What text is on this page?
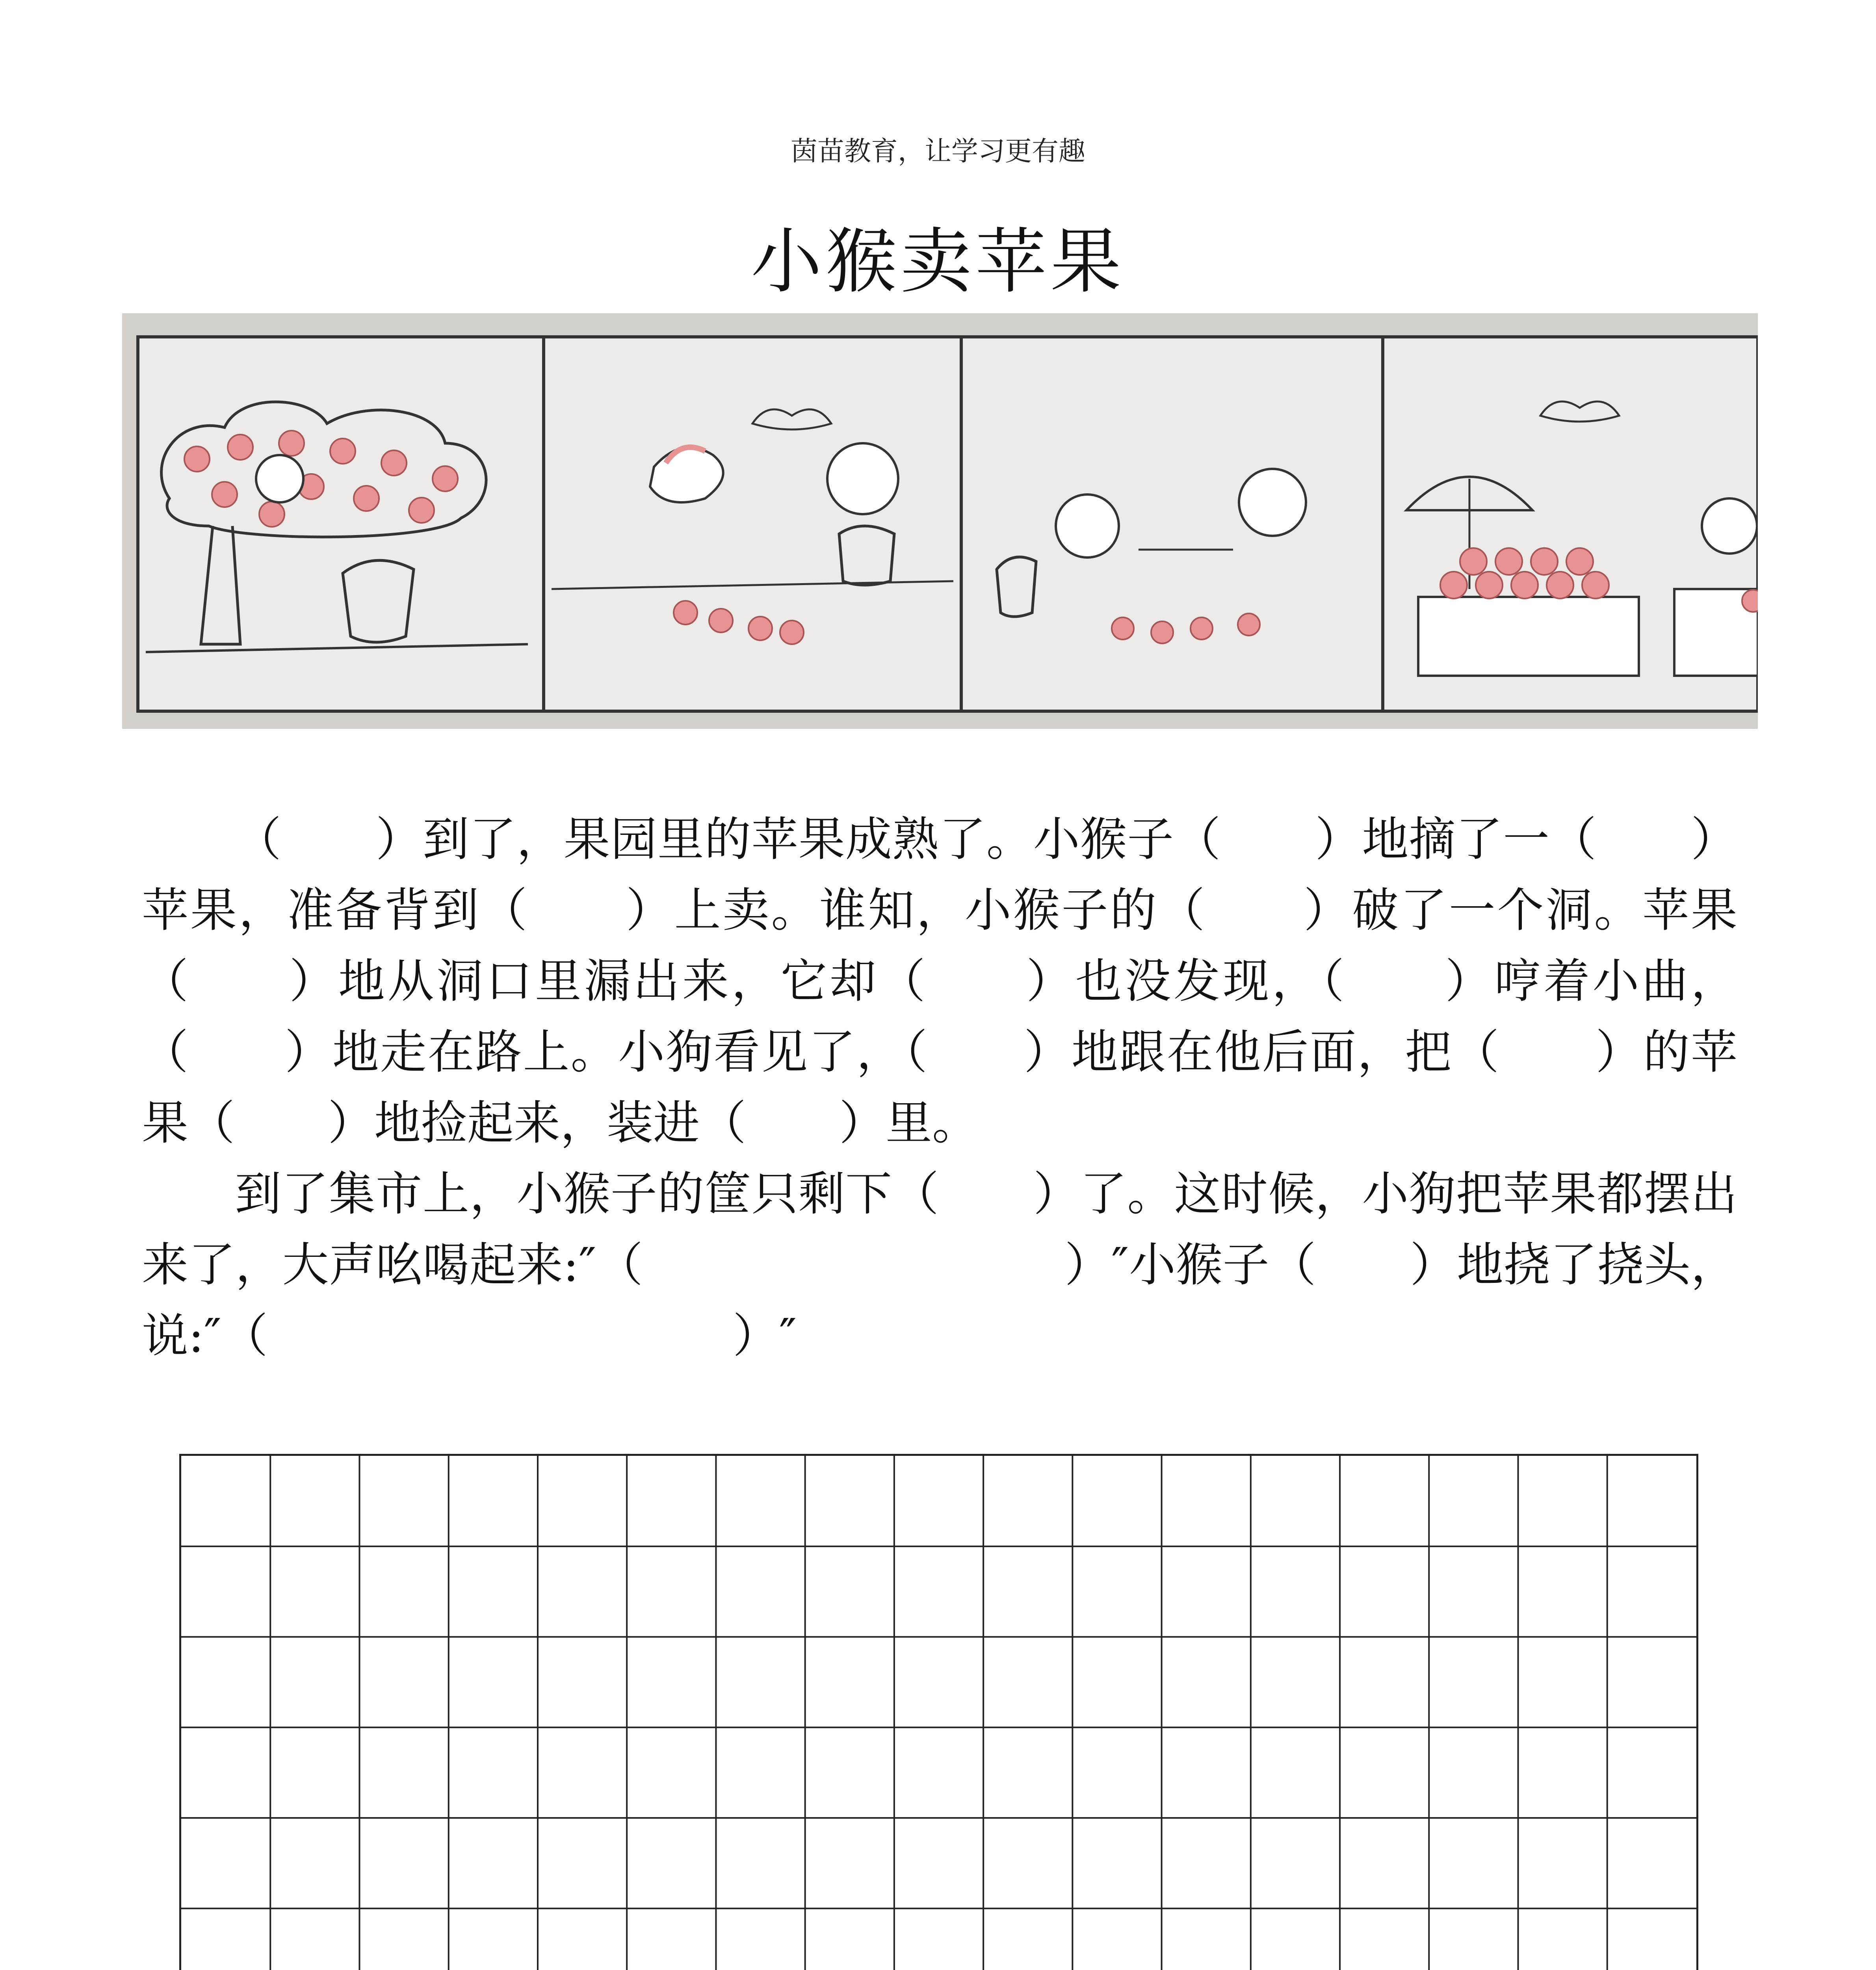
茵苗教育，让学习更有趣
小猴卖苹果

（　　）到了，果园里的苹果成熟了。小猴子（　　）地摘了一（　　）苹果，准备背到（　　）上卖。谁知，小猴子的（　　）破了一个洞。苹果（　　）地从洞口里漏出来，它却（　　）也没发现，（　　）哼着小曲，（　　）地走在路上。小狗看见了，（　　）地跟在他后面，把（　　）的苹果（　　）地捡起来，装进（　　）里。

到了集市上，小猴子的筐只剩下（　　）了。这时候，小狗把苹果都摆出来了，大声吆喝起来:″（　　　　　　　　　）″小猴子（　　）地挠了挠头，说:″（　　　　　　　　　　）″
